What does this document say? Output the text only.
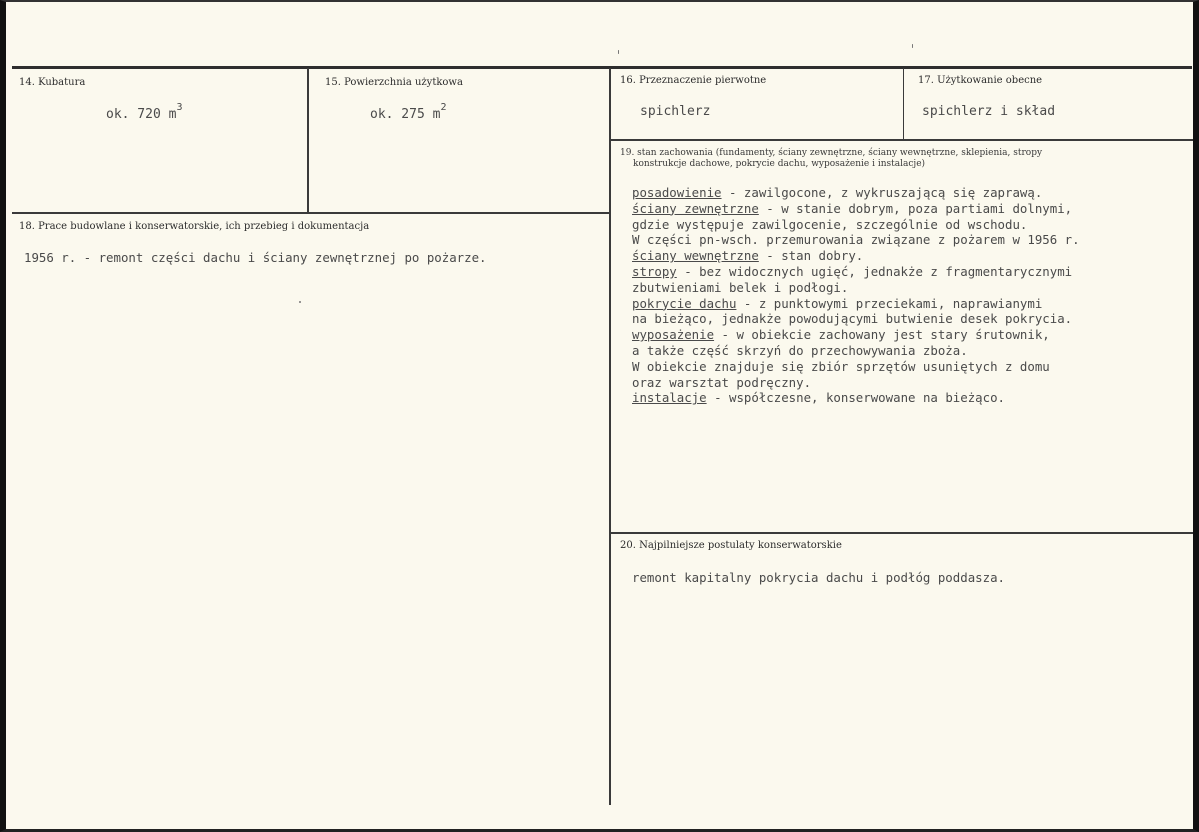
14. Kubatura
ok. 720 $m^3$
15. Powierzchnia użytkowa
ok. 275 $m^2$
16. Przeznaczenie pierwotne
spichlerz
17. Użytkowanie obecne
spichlerz i skład
18. Prace budowlane i konserwatorskie, ich przebieg i dokumentacja
1956 r. - remont części dachu i ściany zewnętrznej po pożarze.
19. stan zachowania (fundamenty, ściany zewnętrzne, ściany wewnętrzne, sklepienia, stropy
konstrukcje dachowe, pokrycie dachu, wyposażenie i instalacje)
posadowienie - zawilgocone, z wykruszającą się zaprawą.
ściany zewnętrzne - w stanie dobrym, poza partiami dolnymi,
gdzie występuje zawilgocenie, szczególnie od wschodu.
W części pn-wsch. przemurowania związane z pożarem w 1956 r.
ściany wewnętrzne - stan dobry.
stropy - bez widocznych ugięć, jednakże z fragmentarycznymi
zbutwieniami belek i podłogi.
pokrycie dachu - z punktowymi przeciekami, naprawianymi
na bieżąco, jednakże powodującymi butwienie desek pokrycia.
wyposażenie - w obiekcie zachowany jest stary śrutownik,
a także część skrzyń do przechowywania zboża.
W obiekcie znajduje się zbiór sprzętów usuniętych z domu
oraz warsztat podręczny.
instalacje - współczesne, konserwowane na bieżąco.
20. Najpilniejsze postulaty konserwatorskie
remont kapitalny pokrycia dachu i podłóg poddasza.
